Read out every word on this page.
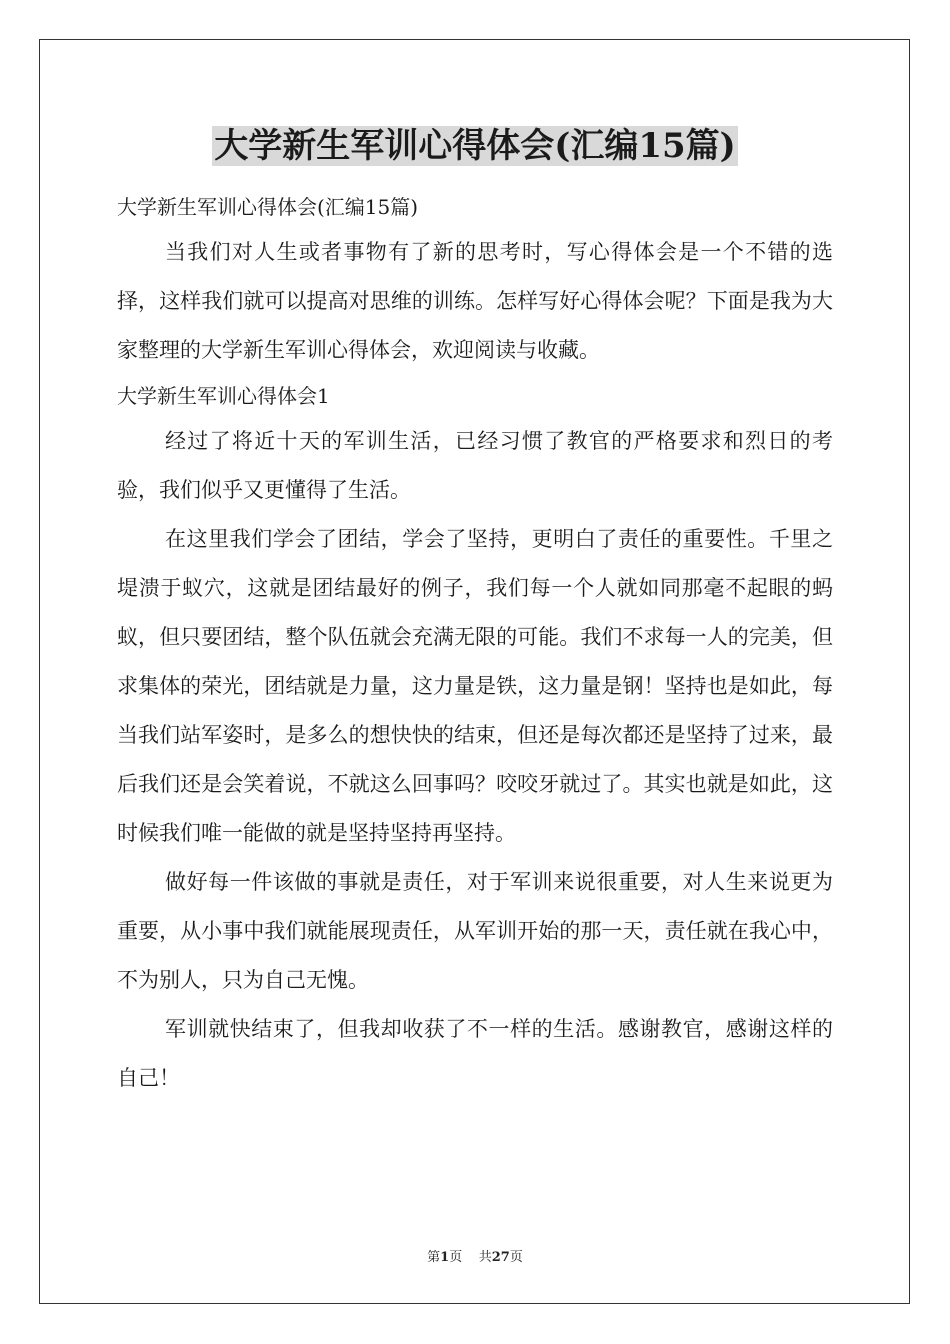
大学新生军训心得体会(汇编15篇)

大学新生军训心得体会(汇编15篇)

当我们对人生或者事物有了新的思考时，写心得体会是一个不错的选择，这样我们就可以提高对思维的训练。怎样写好心得体会呢？下面是我为大家整理的大学新生军训心得体会，欢迎阅读与收藏。

大学新生军训心得体会1

经过了将近十天的军训生活，已经习惯了教官的严格要求和烈日的考验，我们似乎又更懂得了生活。

在这里我们学会了团结，学会了坚持，更明白了责任的重要性。千里之堤溃于蚁穴，这就是团结最好的例子，我们每一个人就如同那毫不起眼的蚂蚁，但只要团结，整个队伍就会充满无限的可能。我们不求每一人的完美，但求集体的荣光，团结就是力量，这力量是铁，这力量是钢！坚持也是如此，每当我们站军姿时，是多么的想快快的结束，但还是每次都还是坚持了过来，最后我们还是会笑着说，不就这么回事吗？咬咬牙就过了。其实也就是如此，这时候我们唯一能做的就是坚持坚持再坚持。

做好每一件该做的事就是责任，对于军训来说很重要，对人生来说更为重要，从小事中我们就能展现责任，从军训开始的那一天，责任就在我心中，不为别人，只为自己无愧。

军训就快结束了，但我却收获了不一样的生活。感谢教官，感谢这样的自己！

第1页 共27页
